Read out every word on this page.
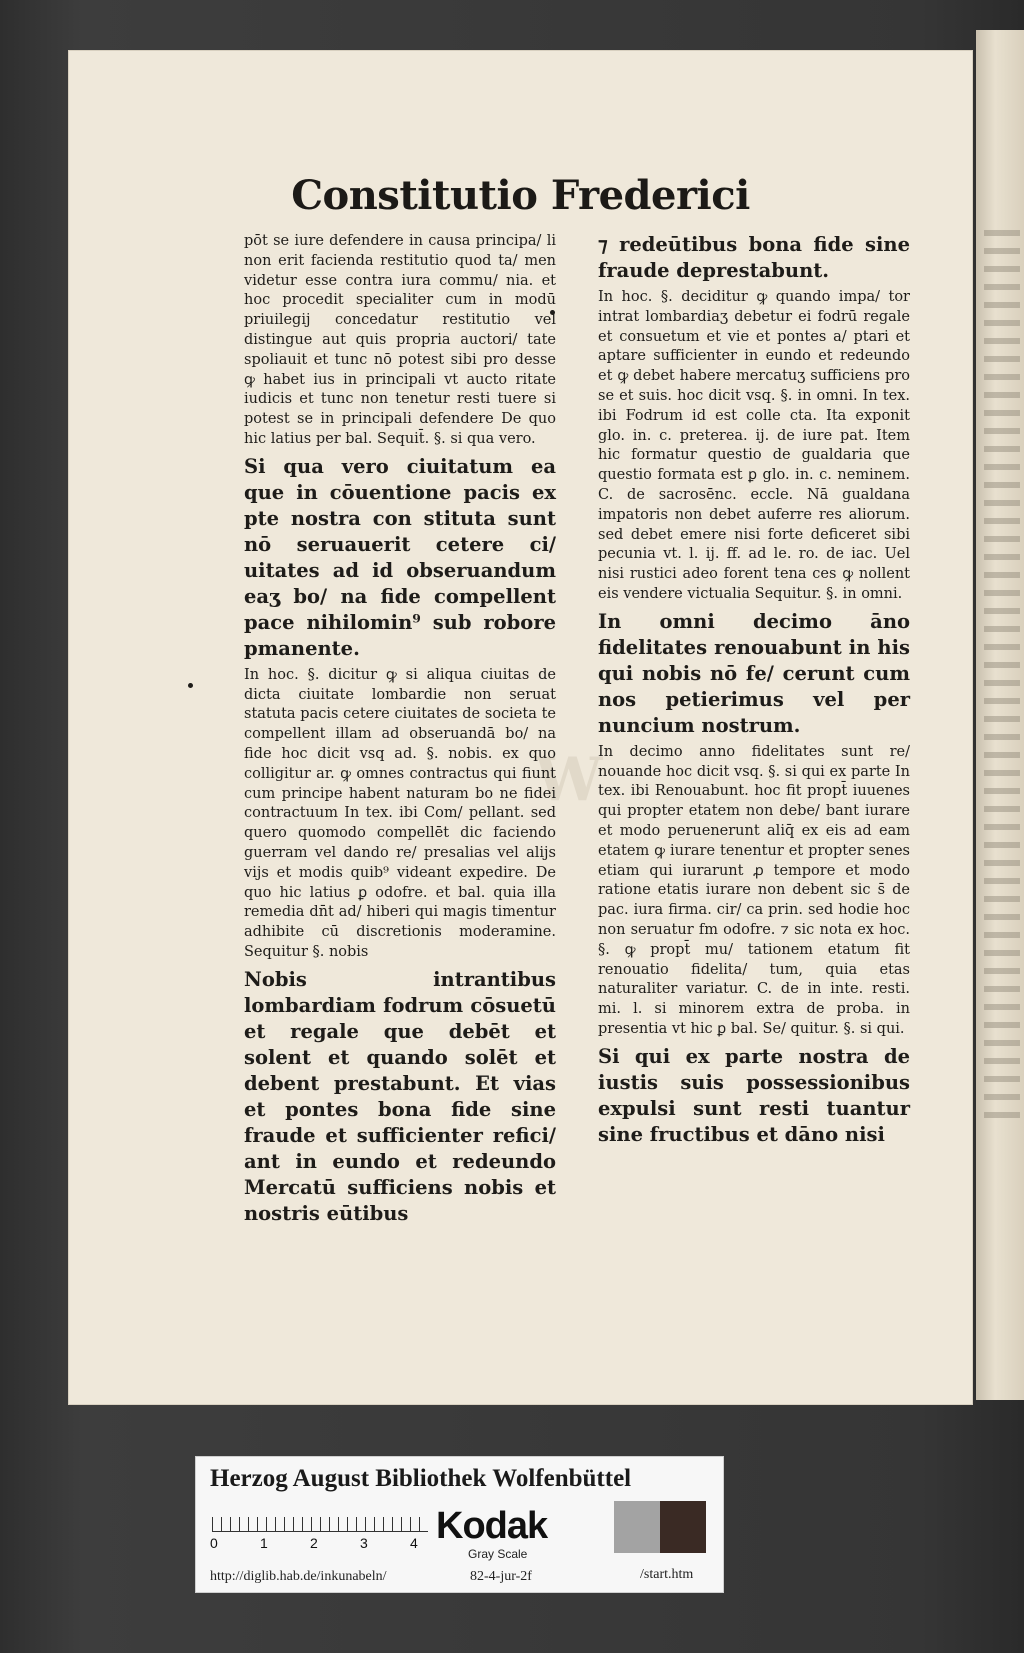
Constitutio Frederici
W

pōt se iure defendere in causa principa/ li non erit facienda restitutio quod ta/ men videtur esse contra iura commu/ nia. et hoc procedit specialiter cum in modū priuilegij concedatur restitutio vel distingue aut quis propria auctori/ tate spoliauit et tunc nō potest sibi pro desse ꝙ habet ius in principali vt aucto ritate iudicis et tunc non tenetur resti tuere si potest se in principali defendere De quo hic latius per bal. Sequit̄. §. si qua vero.

Si qua vero ciuitatum ea que in cōuentione pacis ex pte nostra con stituta sunt nō seruauerit cetere ci/ uitates ad id obseruandum eaʒ bo/ na fide compellent pace nihilomin⁹ sub robore pmanente.

In hoc. §. dicitur ꝙ si aliqua ciuitas de dicta ciuitate lombardie non seruat statuta pacis cetere ciuitates de societa te compellent illam ad obseruandā bo/ na fide hoc dicit vsq ad. §. nobis. ex quo colligitur ar. ꝙ omnes contractus qui fiunt cum principe habent naturam bo ne fidei contractuum In tex. ibi Com/ pellant. sed quero quomodo compellēt dic faciendo guerram vel dando re/ presalias vel alijs vijs et modis quib⁹ videant expedire. De quo hic latius ꝑ odofre. et bal. quia illa remedia dn̄t ad/ hiberi qui magis timentur adhibite cū discretionis moderamine. Sequitur §. nobis

Nobis intrantibus lombardiam fodrum cōsuetū et regale que debēt et solent et quando solēt et debent prestabunt. Et vias et pontes bona fide sine fraude et sufficienter refici/ ant in eundo et redeundo Mercatū sufficiens nobis et nostris eūtibus

⁊ redeūtibus bona fide sine fraude deprestabunt.

In hoc. §. deciditur ꝙ quando impa/ tor intrat lombardiaʒ debetur ei fodrū regale et consuetum et vie et pontes a/ ptari et aptare sufficienter in eundo et redeundo et ꝙ debet habere mercatuʒ sufficiens pro se et suis. hoc dicit vsq. §. in omni. In tex. ibi Fodrum id est colle cta. Ita exponit glo. in. c. preterea. ij. de iure pat. Item hic formatur questio de gualdaria que questio formata est ꝑ glo. in. c. neminem. C. de sacrosēnc. eccle. Nā gualdana impatoris non debet auferre res aliorum. sed debet emere nisi forte deficeret sibi pecunia vt. l. ij. ff. ad le. ro. de iac. Uel nisi rustici adeo forent tena ces ꝙ nollent eis vendere victualia Sequitur. §. in omni.

In omni decimo āno fidelitates renouabunt in his qui nobis nō fe/ cerunt cum nos petierimus vel per nuncium nostrum.

In decimo anno fidelitates sunt re/ nouande hoc dicit vsq. §. si qui ex parte In tex. ibi Renouabunt. hoc fit propt̄ iuuenes qui propter etatem non debe/ bant iurare et modo peruenerunt aliq̄ ex eis ad eam etatem ꝙ iurare tenentur et propter senes etiam qui iurarunt ꝓ tempore et modo ratione etatis iurare non debent sic s̄ de pac. iura firma. cir/ ca prin. sed hodie hoc non seruatur fm odofre. ⁊ sic nota ex hoc. §. ꝙ propt̄ mu/ tationem etatum fit renouatio fidelita/ tum, quia etas naturaliter variatur. C. de in inte. resti. mi. l. si minorem extra de proba. in presentia vt hic ꝑ bal. Se/ quitur. §. si qui.

Si qui ex parte nostra de iustis suis possessionibus expulsi sunt resti tuantur sine fructibus et dāno nisi

Herzog August Bibliothek Wolfenbüttel
0	1	2	3	4 Kodak
Gray Scale
http://diglib.hab.de/inkunabeln/	82-4-jur-2f	/start.htm
